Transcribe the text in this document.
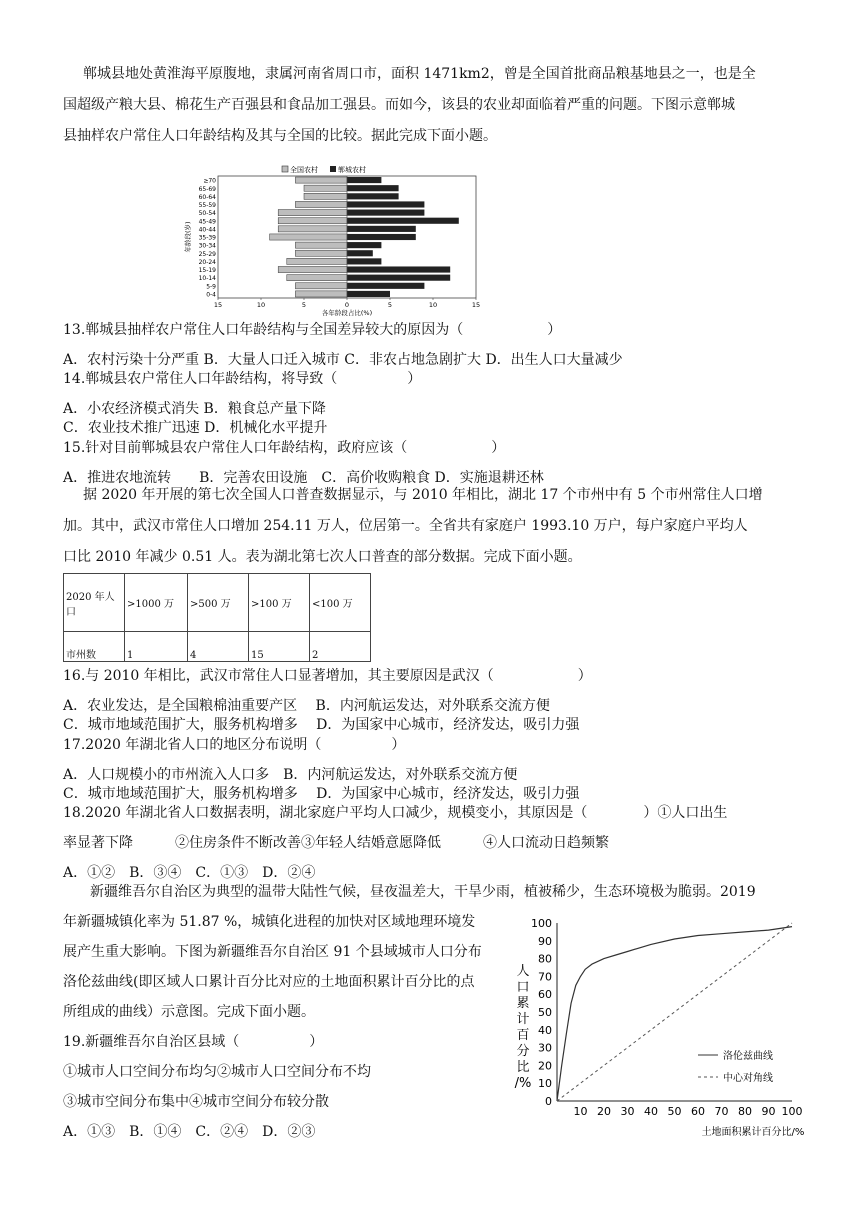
郸城县地处黄淮海平原腹地，隶属河南省周口市，面积 1471km2，曾是全国首批商品粮基地县之一，也是全
国超级产粮大县、棉花生产百强县和食品加工强县。而如今，该县的农业却面临着严重的问题。下图示意郸城
县抽样农户常住人口年龄结构及其与全国的比较。据此完成下面小题。
全国农村	郸城农村
≥70
65-69
60-64
55-59
50-54
45-49
40-44
35-39
30-34
25-29
20-24
15-19
10-14
5-9
0-4
15	10	5	0	5	10	15
年龄段(岁)
各年龄段占比(%)
13.郸城县抽样农户常住人口年龄结构与全国差异较大的原因为（　　　　　　）
A．农村污染十分严重 B．大量人口迁入城市 C．非农占地急剧扩大 D．出生人口大量减少
14.郸城县农户常住人口年龄结构，将导致（　　　　　）
A．小农经济模式消失 B．粮食总产量下降
C．农业技术推广迅速 D．机械化水平提升
15.针对目前郸城县农户常住人口年龄结构，政府应该（　　　　　　）
A．推进农地流转　　B．完善农田设施　C．高价收购粮食 D．实施退耕还林
据 2020 年开展的第七次全国人口普查数据显示，与 2010 年相比，湖北 17 个市州中有 5 个市州常住人口增
加。其中，武汉市常住人口增加 254.11 万人，位居第一。全省共有家庭户 1993.10 万户，每户家庭户平均人
口比 2010 年减少 0.51 人。表为湖北第七次人口普查的部分数据。完成下面小题。
2020 年人口	>1000 万	>500 万	>100 万	<100 万
市州数	1	4	15	2
16.与 2010 年相比，武汉市常住人口显著增加，其主要原因是武汉（　　　　　　）
A．农业发达，是全国粮棉油重要产区　 B．内河航运发达，对外联系交流方便
C．城市地域范围扩大，服务机构增多　 D．为国家中心城市，经济发达，吸引力强
17.2020 年湖北省人口的地区分布说明（　　　　　）
A．人口规模小的市州流入人口多　B．内河航运发达，对外联系交流方便
C．城市地域范围扩大，服务机构增多　 D．为国家中心城市，经济发达，吸引力强
18.2020 年湖北省人口数据表明，湖北家庭户平均人口减少，规模变小，其原因是（　　　　）①人口出生
率显著下降　　　②住房条件不断改善③年轻人结婚意愿降低　　　④人口流动日趋频繁
A．①②　B．③④　C．①③　D．②④
新疆维吾尔自治区为典型的温带大陆性气候，昼夜温差大，干旱少雨，植被稀少，生态环境极为脆弱。2019
年新疆城镇化率为 51.87 %，城镇化进程的加快对区域地理环境发
展产生重大影响。下图为新疆维吾尔自治区 91 个县域城市人口分布
洛伦兹曲线(即区域人口累计百分比对应的土地面积累计百分比的点
所组成的曲线）示意图。完成下面小题。
19.新疆维吾尔自治区县域（　　　　　）
①城市人口空间分布均匀②城市人口空间分布不均
③城市空间分布集中④城市空间分布较分散
A．①③　B．①④　C．②④　D．②③
10 20 30 40 50 60 70 80 90 100
0
10
20
30
40
50
60
70
80
90
100
人
口
累
计
百
分
比
/%
土地面积累计百分比/%
洛伦兹曲线
中心对角线
